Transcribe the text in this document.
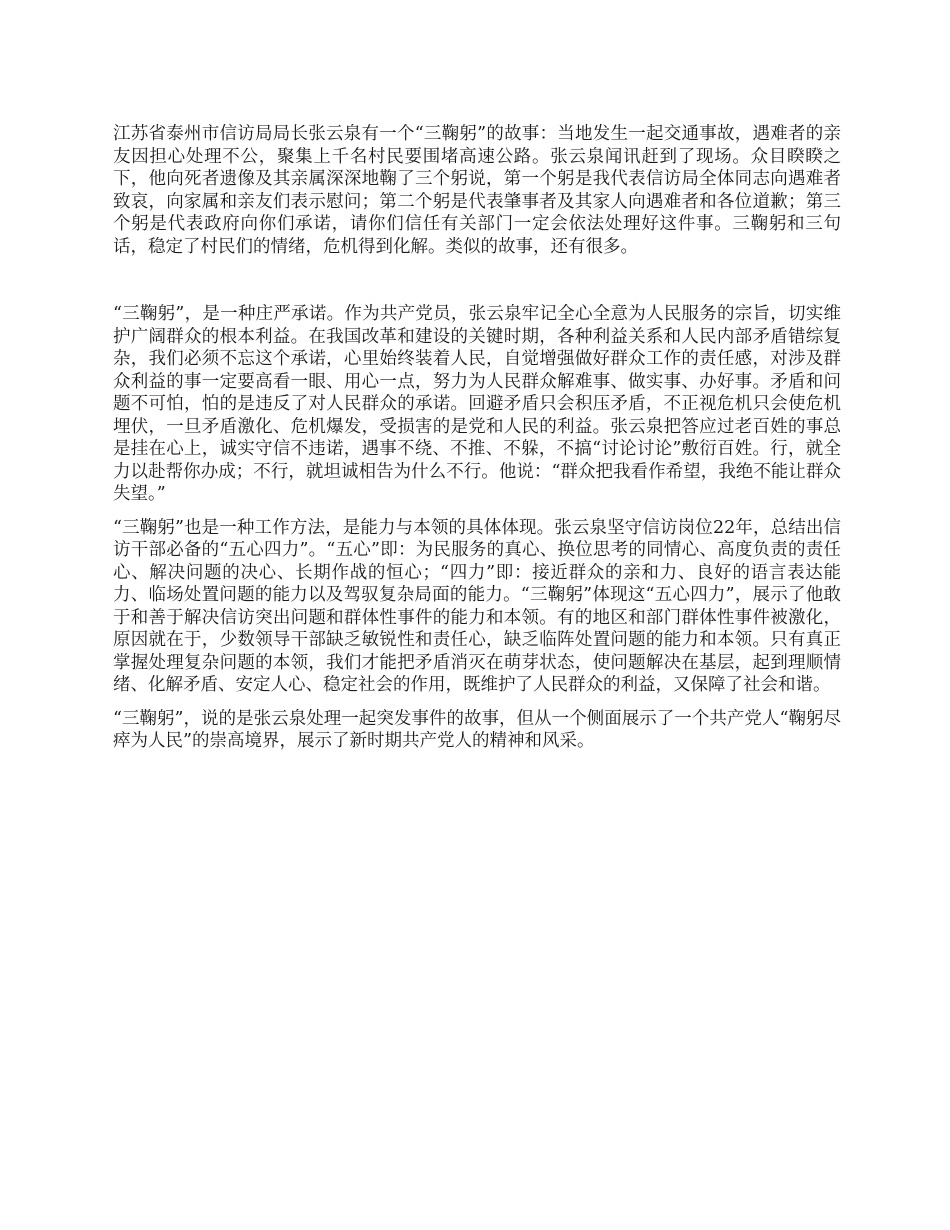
江苏省泰州市信访局局长张云泉有一个“三鞠躬”的故事：当地发生一起交通事故，遇难者的亲友因担心处理不公，聚集上千名村民要围堵高速公路。张云泉闻讯赶到了现场。众目睽睽之下，他向死者遗像及其亲属深深地鞠了三个躬说，第一个躬是我代表信访局全体同志向遇难者致哀，向家属和亲友们表示慰问；第二个躬是代表肇事者及其家人向遇难者和各位道歉；第三个躬是代表政府向你们承诺，请你们信任有关部门一定会依法处理好这件事。三鞠躬和三句话，稳定了村民们的情绪，危机得到化解。类似的故事，还有很多。

“三鞠躬”，是一种庄严承诺。作为共产党员，张云泉牢记全心全意为人民服务的宗旨，切实维护广阔群众的根本利益。在我国改革和建设的关键时期，各种利益关系和人民内部矛盾错综复杂，我们必须不忘这个承诺，心里始终装着人民，自觉增强做好群众工作的责任感，对涉及群众利益的事一定要高看一眼、用心一点，努力为人民群众解难事、做实事、办好事。矛盾和问题不可怕，怕的是违反了对人民群众的承诺。回避矛盾只会积压矛盾，不正视危机只会使危机埋伏，一旦矛盾激化、危机爆发，受损害的是党和人民的利益。张云泉把答应过老百姓的事总是挂在心上，诚实守信不违诺，遇事不绕、不推、不躲，不搞“讨论讨论”敷衍百姓。行，就全力以赴帮你办成；不行，就坦诚相告为什么不行。他说：“群众把我看作希望，我绝不能让群众失望。”

“三鞠躬”也是一种工作方法，是能力与本领的具体体现。张云泉坚守信访岗位22年，总结出信访干部必备的“五心四力”。“五心”即：为民服务的真心、换位思考的同情心、高度负责的责任心、解决问题的决心、长期作战的恒心；“四力”即：接近群众的亲和力、良好的语言表达能力、临场处置问题的能力以及驾驭复杂局面的能力。“三鞠躬”体现这“五心四力”，展示了他敢于和善于解决信访突出问题和群体性事件的能力和本领。有的地区和部门群体性事件被激化，原因就在于，少数领导干部缺乏敏锐性和责任心，缺乏临阵处置问题的能力和本领。只有真正掌握处理复杂问题的本领，我们才能把矛盾消灭在萌芽状态，使问题解决在基层，起到理顺情绪、化解矛盾、安定人心、稳定社会的作用，既维护了人民群众的利益，又保障了社会和谐。

“三鞠躬”，说的是张云泉处理一起突发事件的故事，但从一个侧面展示了一个共产党人“鞠躬尽瘁为人民”的崇高境界，展示了新时期共产党人的精神和风采。
